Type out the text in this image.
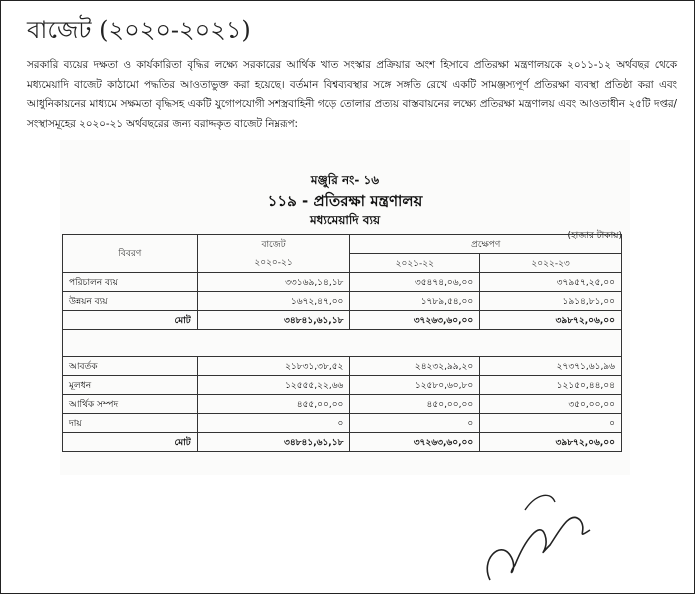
বাজেট (২০২০-২০২১)
সরকারি ব্যয়ের দক্ষতা ও কার্যকারিতা বৃদ্ধির লক্ষ্যে সরকারের আর্থিক খাত সংস্কার প্রক্রিয়ার অংশ হিসাবে প্রতিরক্ষা মন্ত্রণালয়কে ২০১১-১২ অর্থবছর থেকে মধ্যমেয়াদি বাজেট কাঠামো পদ্ধতির আওতাভুক্ত করা হয়েছে। বর্তমান বিশ্বব্যবস্থার সঙ্গে সঙ্গতি রেখে একটি সামঞ্জস্যপূর্ণ প্রতিরক্ষা ব্যবস্থা প্রতিষ্ঠা করা এবং আধুনিকায়নের মাধ্যমে সক্ষমতা বৃদ্ধিসহ একটি যুগোপযোগী সশস্ত্রবাহিনী গড়ে তোলার প্রত্যয় বাস্তবায়নের লক্ষ্যে প্রতিরক্ষা মন্ত্রণালয় এবং আওতাধীন ২৫টি দপ্তর/সংস্থাসমূহের ২০২০-২১ অর্থবছরের জন্য বরাদ্দকৃত বাজেট নিম্নরূপ:
মঞ্জুরি নং- ১৬
১১৯ - প্রতিরক্ষা মন্ত্রণালয়
মধ্যমেয়াদি ব্যয়
(হাজার টাকায়)
বিবরণ	বাজেট	প্রক্ষেপণ	
	২০২০-২১	২০২১-২২	২০২২-২৩
পরিচালন ব্যয়	৩৩১৬৯,১৪,১৮	৩৫৪৭৪,০৬,০০	৩৭৯৫৭,২৫,০০
উন্নয়ন ব্যয়	১৬৭২,৪৭,০০	১৭৮৯,৫৪,০০	১৯১৪,৮১,০০
মোট	৩৪৮৪১,৬১,১৮	৩৭২৬৩,৬০,০০	৩৯৮৭২,০৬,০০

আবর্তক	২১৮৩১,৩৮,৫২	২৪২৩২,৯৯,২০	২৭৩৭১,৬১,৯৬
মূলধন	১২৫৫৫,২২,৬৬	১২৫৮০,৬০,৮০	১২১৫০,৪৪,০৪
আর্থিক সম্পদ	৪৫৫,০০,০০	৪৫০,০০,০০	৩৫০,০০,০০
দায়	০	০	০
মোট	৩৪৮৪১,৬১,১৮	৩৭২৬৩,৬০,০০	৩৯৮৭২,০৬,০০
